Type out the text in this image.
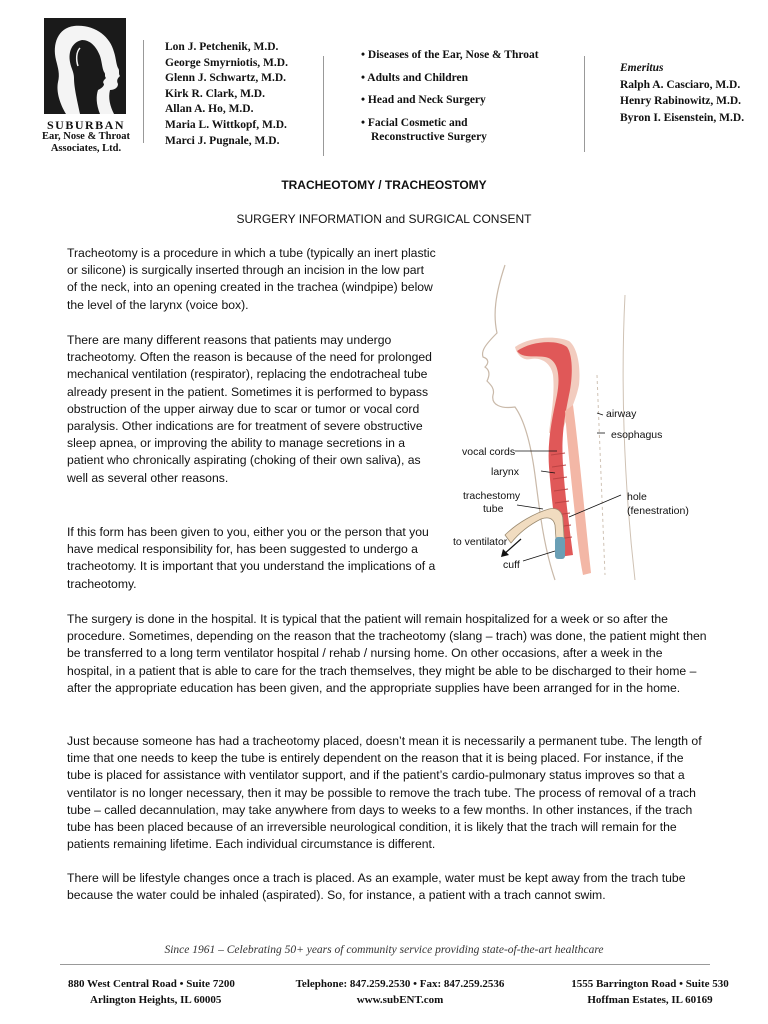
SUBURBAN
Ear, Nose & Throat
Associates, Ltd.
Lon J. Petchenik, M.D.
George Smyrniotis, M.D.
Glenn J. Schwartz, M.D.
Kirk R. Clark, M.D.
Allan A. Ho, M.D.
Maria L. Wittkopf, M.D.
Marci J. Pugnale, M.D.
• Diseases of the Ear, Nose & Throat
• Adults and Children
• Head and Neck Surgery
• Facial Cosmetic and
Reconstructive Surgery
Emeritus
Ralph A. Casciaro, M.D.
Henry Rabinowitz, M.D.
Byron I. Eisenstein, M.D.
TRACHEOTOMY / TRACHEOSTOMY
SURGERY INFORMATION and SURGICAL CONSENT

Tracheotomy is a procedure in which a tube (typically an inert plastic or silicone) is surgically inserted through an incision in the low part of the neck, into an opening created in the trachea (windpipe) below the level of the larynx (voice box).

There are many different reasons that patients may undergo tracheotomy. Often the reason is because of the need for prolonged mechanical ventilation (respirator), replacing the endotracheal tube already present in the patient. Sometimes it is performed to bypass obstruction of the upper airway due to scar or tumor or vocal cord paralysis. Other indications are for treatment of severe obstructive sleep apnea, or improving the ability to manage secretions in a patient who chronically aspirating (choking of their own saliva), as well as several other reasons.

If this form has been given to you, either you or the person that you have medical responsibility for, has been suggested to undergo a tracheotomy. It is important that you understand the implications of a tracheotomy.

The surgery is done in the hospital. It is typical that the patient will remain hospitalized for a week or so after the procedure. Sometimes, depending on the reason that the tracheotomy (slang – trach) was done, the patient might then be transferred to a long term ventilator hospital / rehab / nursing home. On other occasions, after a week in the hospital, in a patient that is able to care for the trach themselves, they might be able to be discharged to their home – after the appropriate education has been given, and the appropriate supplies have been arranged for in the home.

Just because someone has had a tracheotomy placed, doesn’t mean it is necessarily a permanent tube. The length of time that one needs to keep the tube is entirely dependent on the reason that it is being placed. For instance, if the tube is placed for assistance with ventilator support, and if the patient’s cardio-pulmonary status improves so that a ventilator is no longer necessary, then it may be possible to remove the trach tube. The process of removal of a trach tube – called decannulation, may take anywhere from days to weeks to a few months. In other instances, if the trach tube has been placed because of an irreversible neurological condition, it is likely that the trach will remain for the patients remaining lifetime. Each individual circumstance is different.

There will be lifestyle changes once a trach is placed. As an example, water must be kept away from the trach tube because the water could be inhaled (aspirated). So, for instance, a patient with a trach cannot swim.

airway
esophagus
vocal cords
larynx
trachestomy
tube
hole
(fenestration)
to ventilator
cuff
Since 1961 – Celebrating 50+ years of community service providing state-of-the-art healthcare
880 West Central Road • Suite 7200
Arlington Heights, IL 60005
Telephone: 847.259.2530 • Fax: 847.259.2536
www.subENT.com
1555 Barrington Road • Suite 530
Hoffman Estates, IL 60169
